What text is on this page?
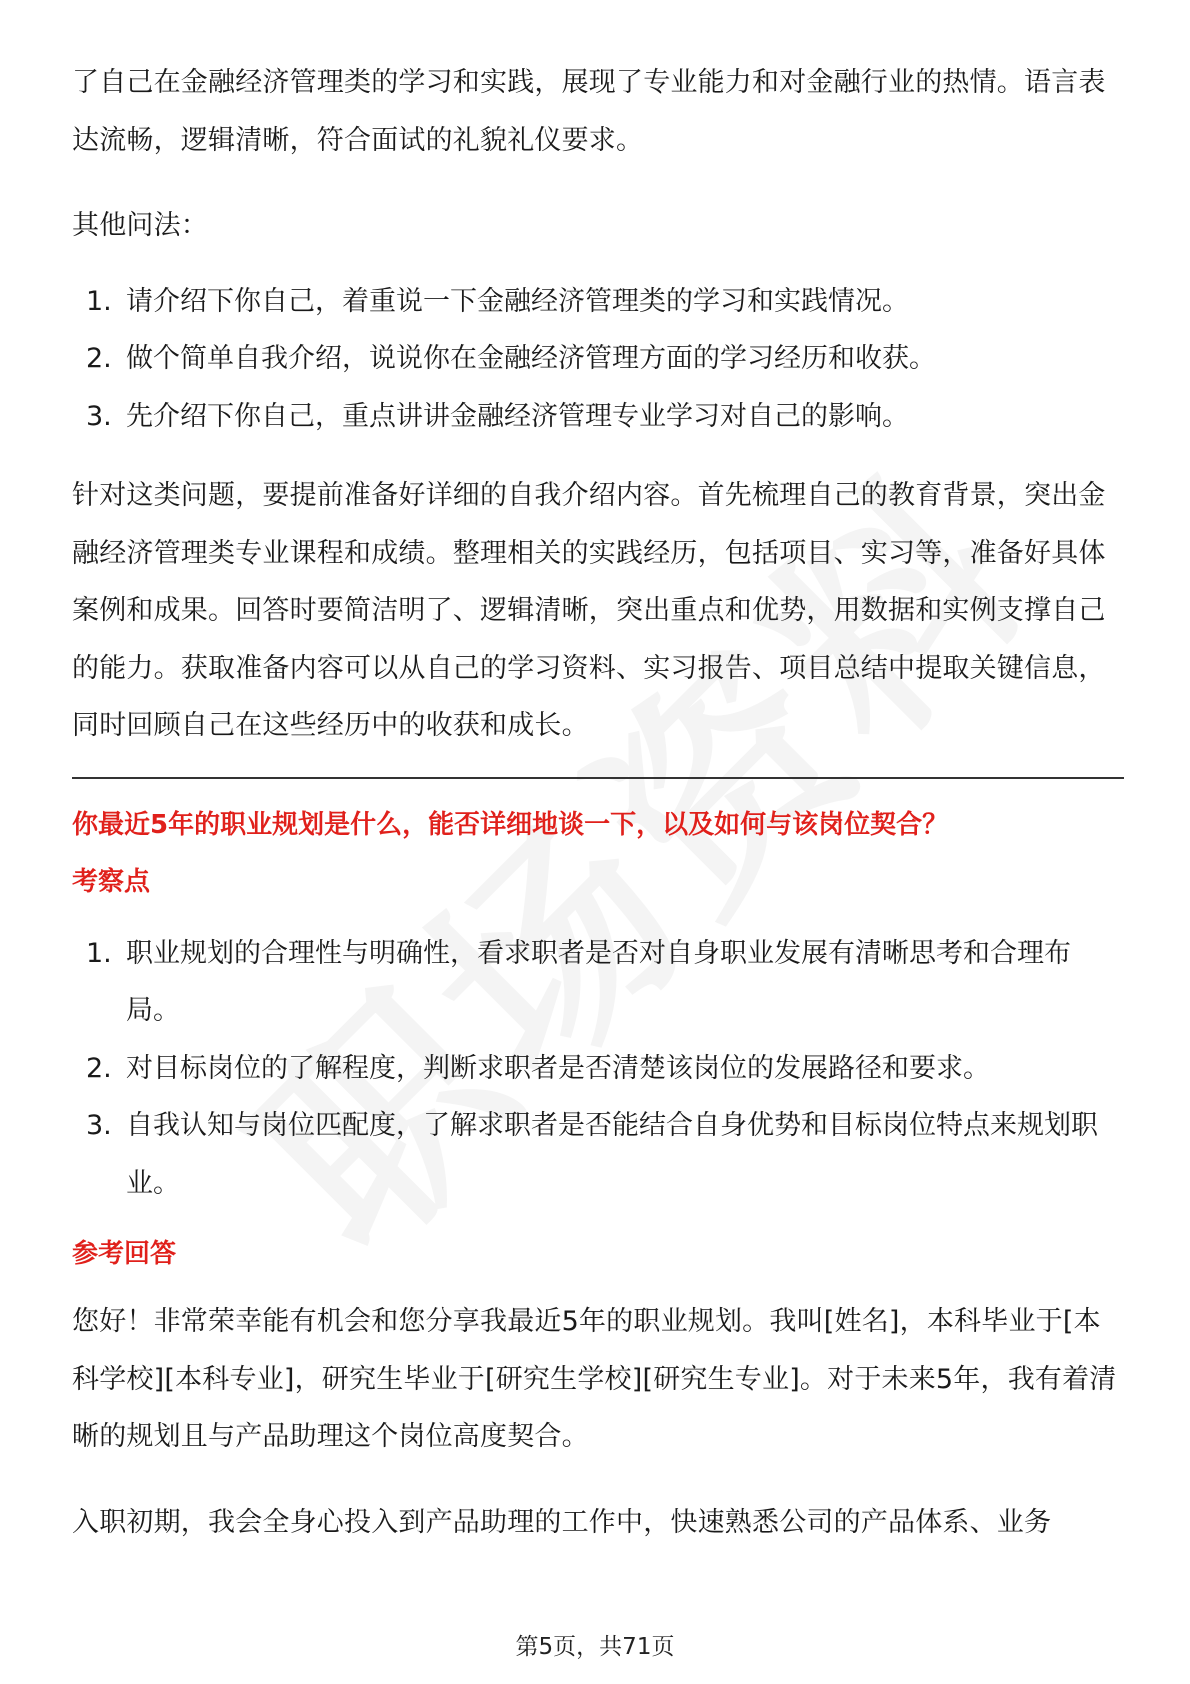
了自己在金融经济管理类的学习和实践，展现了专业能力和对金融行业的热情。语言表达流畅，逻辑清晰，符合面试的礼貌礼仪要求。

其他问法：

1. 请介绍下你自己，着重说一下金融经济管理类的学习和实践情况。
2. 做个简单自我介绍，说说你在金融经济管理方面的学习经历和收获。
3. 先介绍下你自己，重点讲讲金融经济管理专业学习对自己的影响。

针对这类问题，要提前准备好详细的自我介绍内容。首先梳理自己的教育背景，突出金融经济管理类专业课程和成绩。整理相关的实践经历，包括项目、实习等，准备好具体案例和成果。回答时要简洁明了、逻辑清晰，突出重点和优势，用数据和实例支撑自己的能力。获取准备内容可以从自己的学习资料、实习报告、项目总结中提取关键信息，同时回顾自己在这些经历中的收获和成长。

你最近5年的职业规划是什么，能否详细地谈一下，以及如何与该岗位契合？

考察点

1. 职业规划的合理性与明确性，看求职者是否对自身职业发展有清晰思考和合理布局。
2. 对目标岗位的了解程度，判断求职者是否清楚该岗位的发展路径和要求。
3. 自我认知与岗位匹配度，了解求职者是否能结合自身优势和目标岗位特点来规划职业。

参考回答

您好！非常荣幸能有机会和您分享我最近5年的职业规划。我叫[姓名]，本科毕业于[本科学校][本科专业]，研究生毕业于[研究生学校][研究生专业]。对于未来5年，我有着清晰的规划且与产品助理这个岗位高度契合。

入职初期，我会全身心投入到产品助理的工作中，快速熟悉公司的产品体系、业务

第5页，共71页
